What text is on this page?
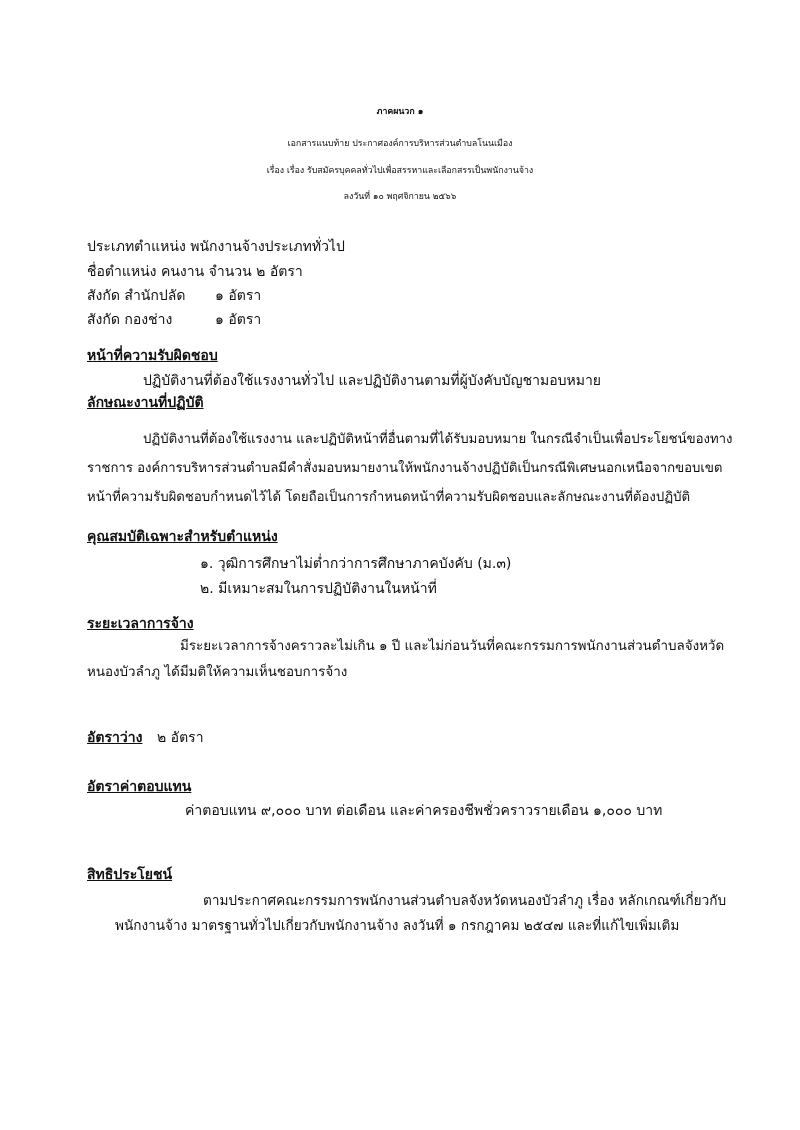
ภาคผนวก ๑
เอกสารแนบท้าย ประกาศองค์การบริหารส่วนตำบลโนนเมือง
เรื่อง เรื่อง รับสมัครบุคคลทั่วไปเพื่อสรรหาและเลือกสรรเป็นพนักงานจ้าง
ลงวันที่ ๑๐ พฤศจิกายน ๒๕๖๖
ประเภทตำแหน่ง พนักงานจ้างประเภททั่วไป
ชื่อตำแหน่ง คนงาน จำนวน ๒ อัตรา
สังกัด สำนักปลัด ๑ อัตรา
สังกัด กองช่าง	๑ อัตรา
หน้าที่ความรับผิดชอบ
ปฏิบัติงานที่ต้องใช้แรงงานทั่วไป และปฏิบัติงานตามที่ผู้บังคับบัญชามอบหมาย
ลักษณะงานที่ปฏิบัติ
ปฏิบัติงานที่ต้องใช้แรงงาน และปฏิบัติหน้าที่อื่นตามที่ได้รับมอบหมาย ในกรณีจำเป็นเพื่อประโยชน์ของทาง
ราชการ องค์การบริหารส่วนตำบลมีคำสั่งมอบหมายงานให้พนักงานจ้างปฏิบัติเป็นกรณีพิเศษนอกเหนือจากขอบเขต
หน้าที่ความรับผิดชอบกำหนดไว้ได้ โดยถือเป็นการกำหนดหน้าที่ความรับผิดชอบและลักษณะงานที่ต้องปฏิบัติ
คุณสมบัติเฉพาะสำหรับตำแหน่ง
๑. วุฒิการศึกษาไม่ต่ำกว่าการศึกษาภาคบังคับ (ม.๓)
๒. มีเหมาะสมในการปฏิบัติงานในหน้าที่
ระยะเวลาการจ้าง
มีระยะเวลาการจ้างคราวละไม่เกิน ๑ ปี และไม่ก่อนวันที่คณะกรรมการพนักงานส่วนตำบลจังหวัด
หนองบัวลำภู ได้มีมติให้ความเห็นชอบการจ้าง
อัตราว่าง ๒ อัตรา
อัตราค่าตอบแทน
ค่าตอบแทน ๙,๐๐๐ บาท ต่อเดือน และค่าครองชีพชั่วคราวรายเดือน ๑,๐๐๐ บาท
สิทธิประโยชน์
ตามประกาศคณะกรรมการพนักงานส่วนตำบลจังหวัดหนองบัวลำภู เรื่อง หลักเกณฑ์เกี่ยวกับ
พนักงานจ้าง มาตรฐานทั่วไปเกี่ยวกับพนักงานจ้าง ลงวันที่ ๑ กรกฎาคม ๒๕๔๗ และที่แก้ไขเพิ่มเติม
